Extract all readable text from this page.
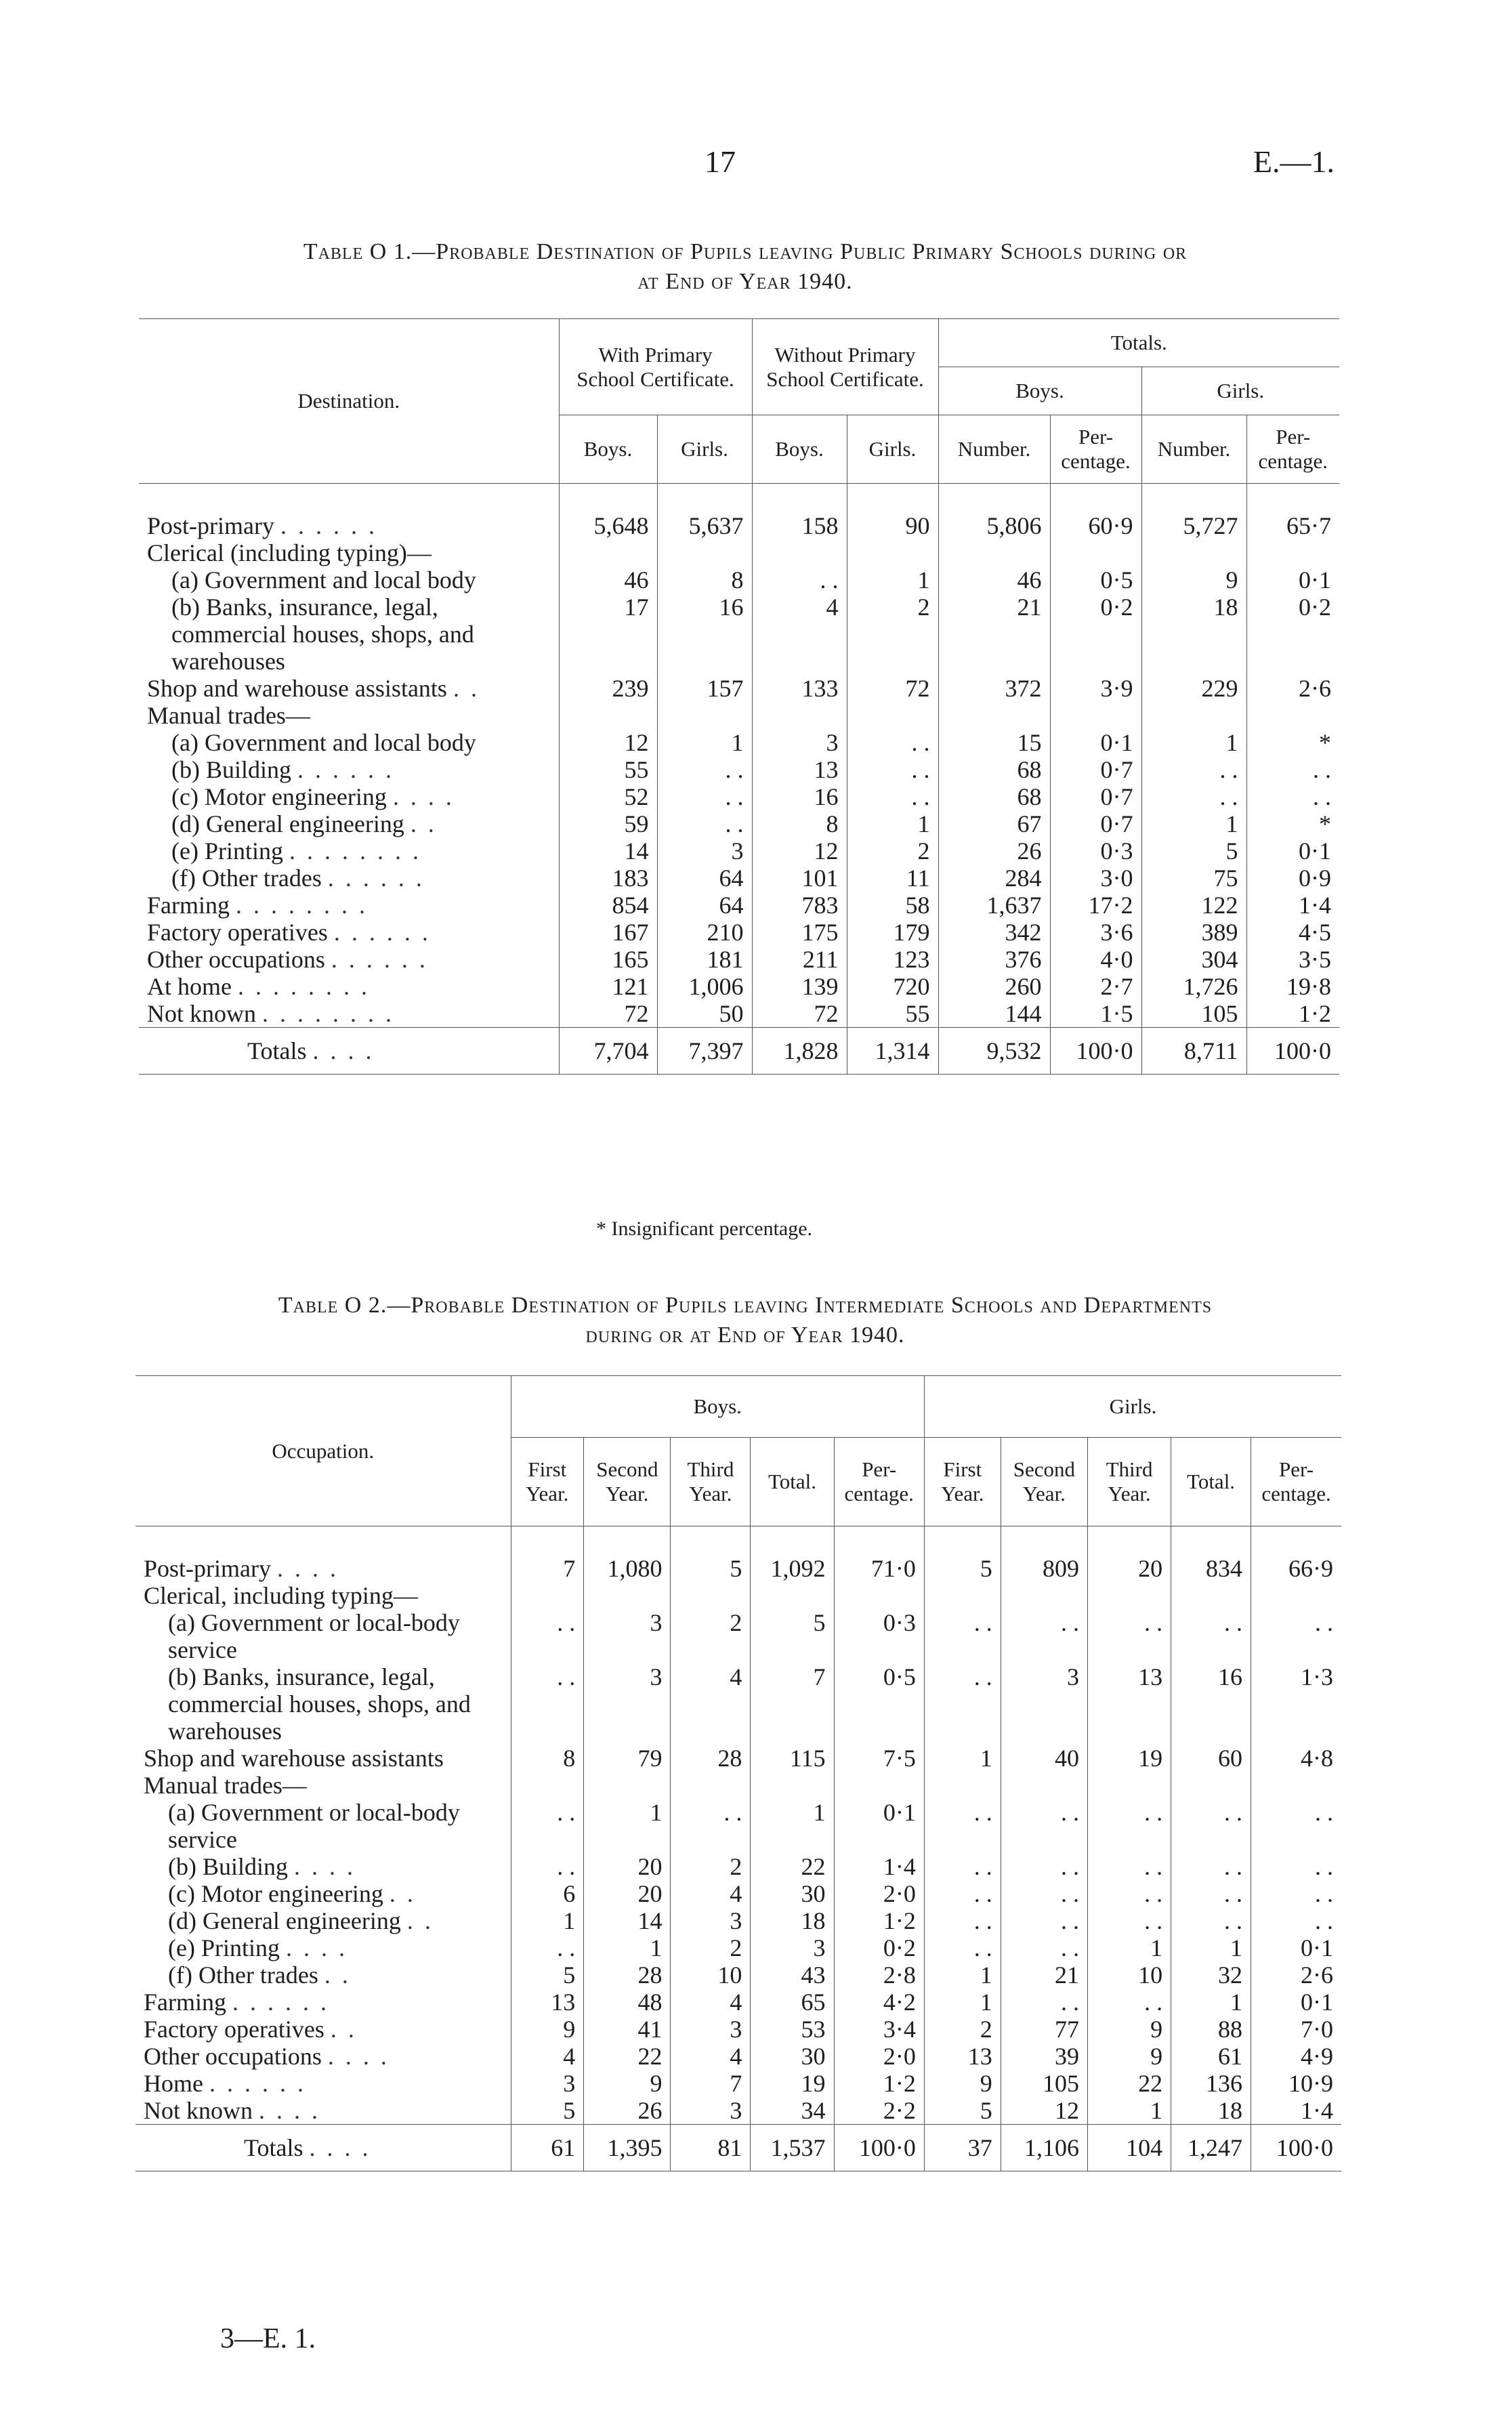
17	E.—1.
Table O 1.—Probable Destination of Pupils leaving Public Primary Schools during or
at End of Year 1940.
Destination.	With Primary School Certificate.		Without Primary School Certificate.		Totals.			
					Boys.		Girls.	
	Boys.	Girls.	Boys.	Girls.	Number.	Per-centage.	Number.	Per-centage.
Post-primary . . . . . .	5,648	5,637	158	90	5,806	60·9	5,727	65·7
Clerical (including typing)—								
(a) Government and local body	46	8	. .	1	46	0·5	9	0·1
(b) Banks, insurance, legal, commercial houses, shops, and warehouses	17	16	4	2	21	0·2	18	0·2
Shop and warehouse assistants . .	239	157	133	72	372	3·9	229	2·6
Manual trades—								
(a) Government and local body	12	1	3	. .	15	0·1	1	*
(b) Building . . . . . .	55	. .	13	. .	68	0·7	. .	. .
(c) Motor engineering . . . .	52	. .	16	. .	68	0·7	. .	. .
(d) General engineering . .	59	. .	8	1	67	0·7	1	*
(e) Printing . . . . . . . .	14	3	12	2	26	0·3	5	0·1
(f) Other trades . . . . . .	183	64	101	11	284	3·0	75	0·9
Farming . . . . . . . .	854	64	783	58	1,637	17·2	122	1·4
Factory operatives . . . . . .	167	210	175	179	342	3·6	389	4·5
Other occupations . . . . . .	165	181	211	123	376	4·0	304	3·5
At home . . . . . . . .	121	1,006	139	720	260	2·7	1,726	19·8
Not known . . . . . . . .	72	50	72	55	144	1·5	105	1·2
Totals . . . .	7,704	7,397	1,828	1,314	9,532	100·0	8,711	100·0
* Insignificant percentage.
Table O 2.—Probable Destination of Pupils leaving Intermediate Schools and Departments
during or at End of Year 1940.
Occupation.	Boys.					Girls.				
	First Year.	Second Year.	Third Year.	Total.	Per-centage.	First Year.	Second Year.	Third Year.	Total.	Per-centage.
Post-primary . . . .	7	1,080	5	1,092	71·0	5	809	20	834	66·9
Clerical, including typing—										
(a) Government or local-body service	. .	3	2	5	0·3	. .	. .	. .	. .	. .
(b) Banks, insurance, legal, commercial houses, shops, and warehouses	. .	3	4	7	0·5	. .	3	13	16	1·3
Shop and warehouse assistants	8	79	28	115	7·5	1	40	19	60	4·8
Manual trades—										
(a) Government or local-body service	. .	1	. .	1	0·1	. .	. .	. .	. .	. .
(b) Building . . . .	. .	20	2	22	1·4	. .	. .	. .	. .	. .
(c) Motor engineering . .	6	20	4	30	2·0	. .	. .	. .	. .	. .
(d) General engineering . .	1	14	3	18	1·2	. .	. .	. .	. .	. .
(e) Printing . . . .	. .	1	2	3	0·2	. .	. .	1	1	0·1
(f) Other trades . .	5	28	10	43	2·8	1	21	10	32	2·6
Farming . . . . . .	13	48	4	65	4·2	1	. .	. .	1	0·1
Factory operatives . .	9	41	3	53	3·4	2	77	9	88	7·0
Other occupations . . . .	4	22	4	30	2·0	13	39	9	61	4·9
Home . . . . . .	3	9	7	19	1·2	9	105	22	136	10·9
Not known . . . .	5	26	3	34	2·2	5	12	1	18	1·4
Totals . . . .	61	1,395	81	1,537	100·0	37	1,106	104	1,247	100·0
3—E. 1.
